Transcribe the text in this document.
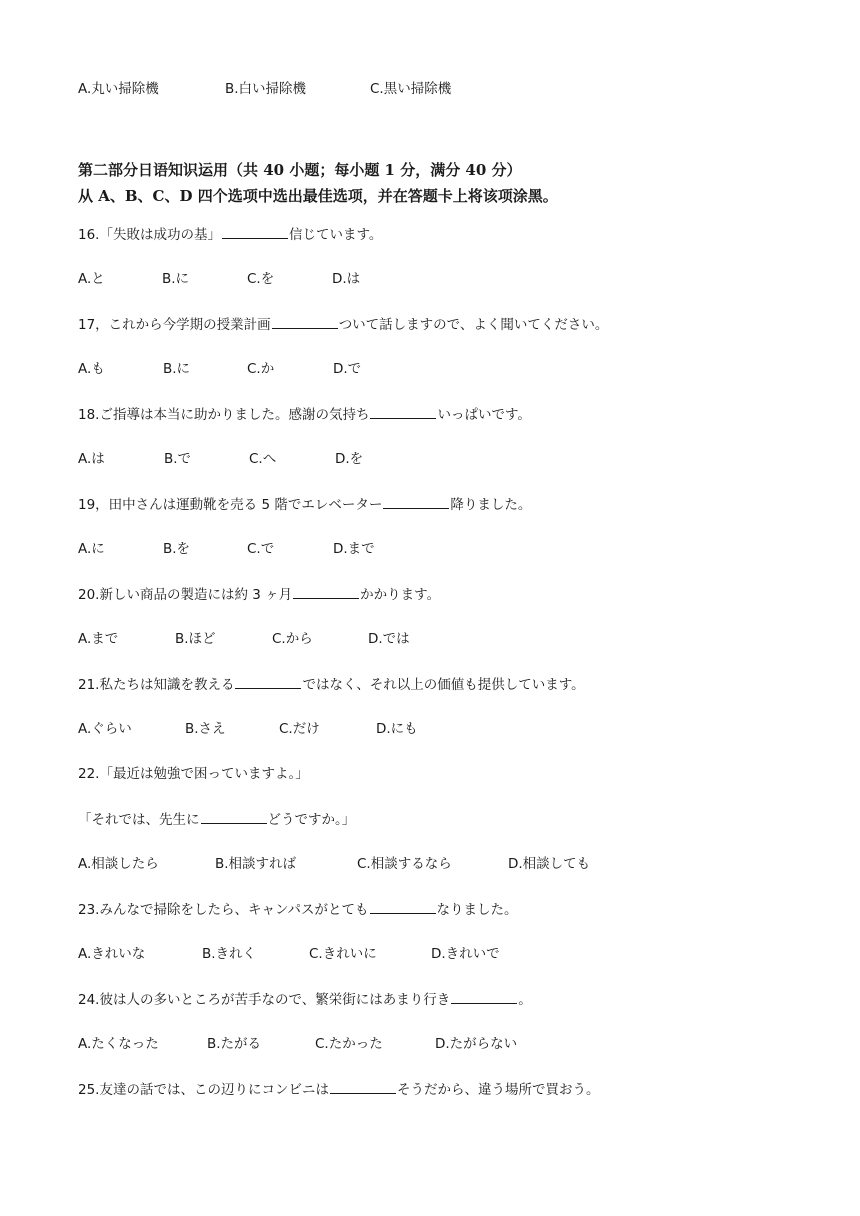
A.丸い掃除機	B.白い掃除機	C.黒い掃除機
第二部分日语知识运用（共 40 小题；每小题 1 分，满分 40 分）
从 A、B、C、D 四个选项中选出最佳选项，并在答题卡上将该项涂黑。
16.「失敗は成功の基」	信じています。
A.と	B.に	C.を	D.は
17，これから今学期の授業計画	ついて話しますので、よく聞いてください。
A.も	B.に	C.か	D.で
18.ご指導は本当に助かりました。感謝の気持ち	いっぱいです。
A.は	B.で	C.へ	D.を
19，田中さんは運動靴を売る 5 階でエレベーター	降りました。
A.に	B.を	C.で	D.まで
20.新しい商品の製造には約 3 ヶ月	かかります。
A.まで	B.ほど	C.から	D.では
21.私たちは知識を教える	ではなく、それ以上の価値も提供しています。
A.ぐらい	B.さえ	C.だけ	D.にも
22.「最近は勉強で困っていますよ。」
「それでは、先生に	どうですか。」
A.相談したら	B.相談すれば	C.相談するなら	D.相談しても
23.みんなで掃除をしたら、キャンパスがとても	なりました。
A.きれいな	B.きれく	C.きれいに	D.きれいで
24.彼は人の多いところが苦手なので、繁栄街にはあまり行き	。
A.たくなった	B.たがる	C.たかった	D.たがらない
25.友達の話では、この辺りにコンビニは	そうだから、違う場所で買おう。
